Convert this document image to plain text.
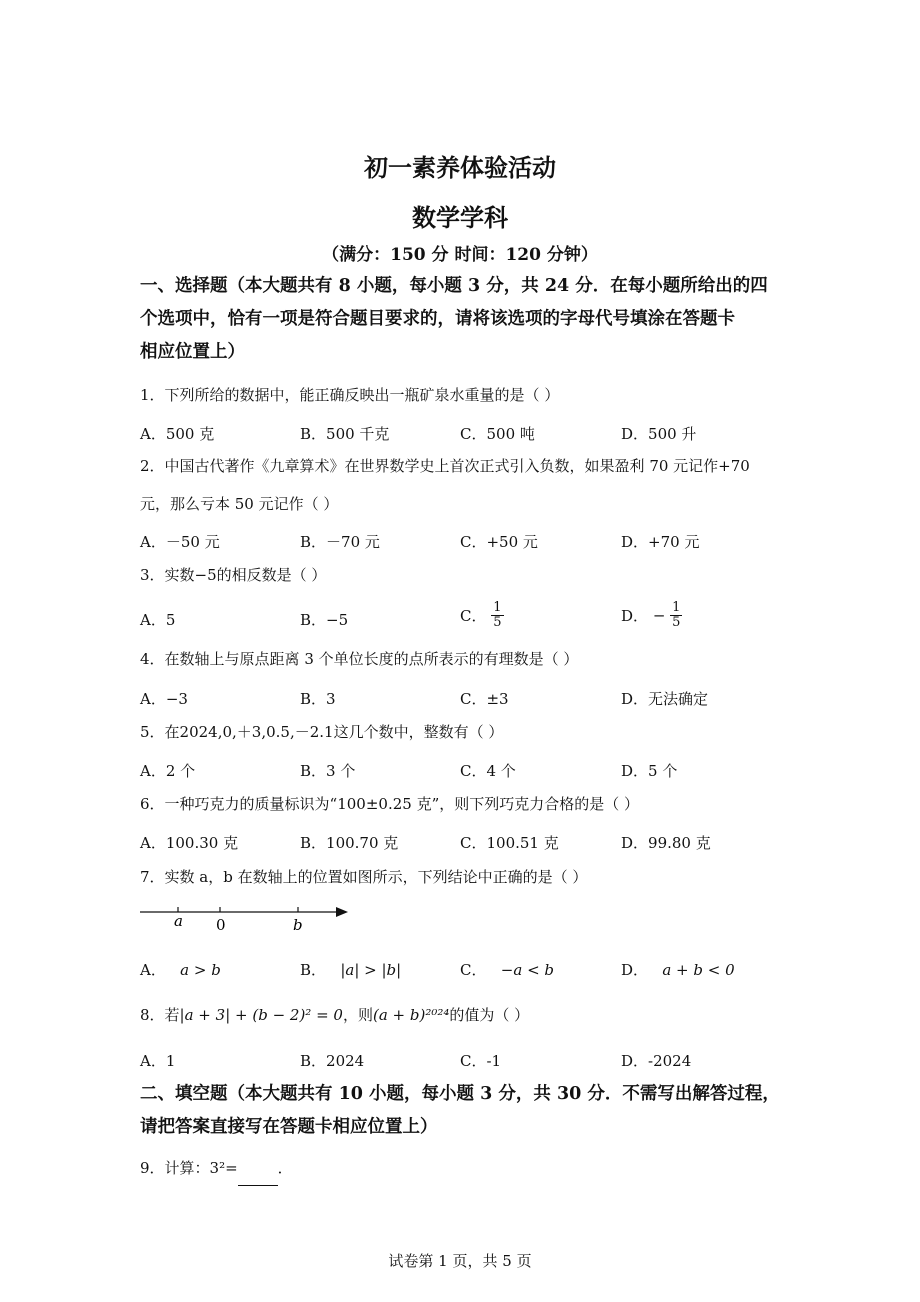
初一素养体验活动
数学学科
（满分：150 分 时间：120 分钟）
一、选择题（本大题共有 8 小题，每小题 3 分，共 24 分．在每小题所给出的四
个选项中，恰有一项是符合题目要求的，请将该选项的字母代号填涂在答题卡
相应位置上）
1．下列所给的数据中，能正确反映出一瓶矿泉水重量的是（ ）
A．500 克	B．500 千克	C．500 吨	D．500 升
2．中国古代著作《九章算术》在世界数学史上首次正式引入负数，如果盈利 70 元记作+70
元，那么亏本 50 元记作（ ）
A．－50 元	B．－70 元	C．+50 元	D．+70 元
3．实数−5的相反数是（ ）
A．5	B．−5	C． $\frac{1}{5}$	D． − $\frac{1}{5}$
4．在数轴上与原点距离 3 个单位长度的点所表示的有理数是（ ）
A．−3	B．3	C．±3	D．无法确定
5．在2024,0,＋3,0.5,－2.1这几个数中，整数有（ ）
A．2 个	B．3 个	C．4 个	D．5 个
6．一种巧克力的质量标识为“100±0.25 克”，则下列巧克力合格的是（ ）
A．100.30 克	B．100.70 克	C．100.51 克	D．99.80 克
7．实数 a，b 在数轴上的位置如图所示，下列结论中正确的是（ ）
a 0	b
A． a > b	B． |a| > |b|	C． −a < b	D． a + b < 0
8．若|a + 3| + (b − 2)² = 0，则(a + b)²⁰²⁴的值为（ ）
A．1	B．2024	C．-1	D．-2024
二、填空题（本大题共有 10 小题，每小题 3 分，共 30 分．不需写出解答过程，
请把答案直接写在答题卡相应位置上）
9．计算：3²=	．
试卷第 1 页，共 5 页
